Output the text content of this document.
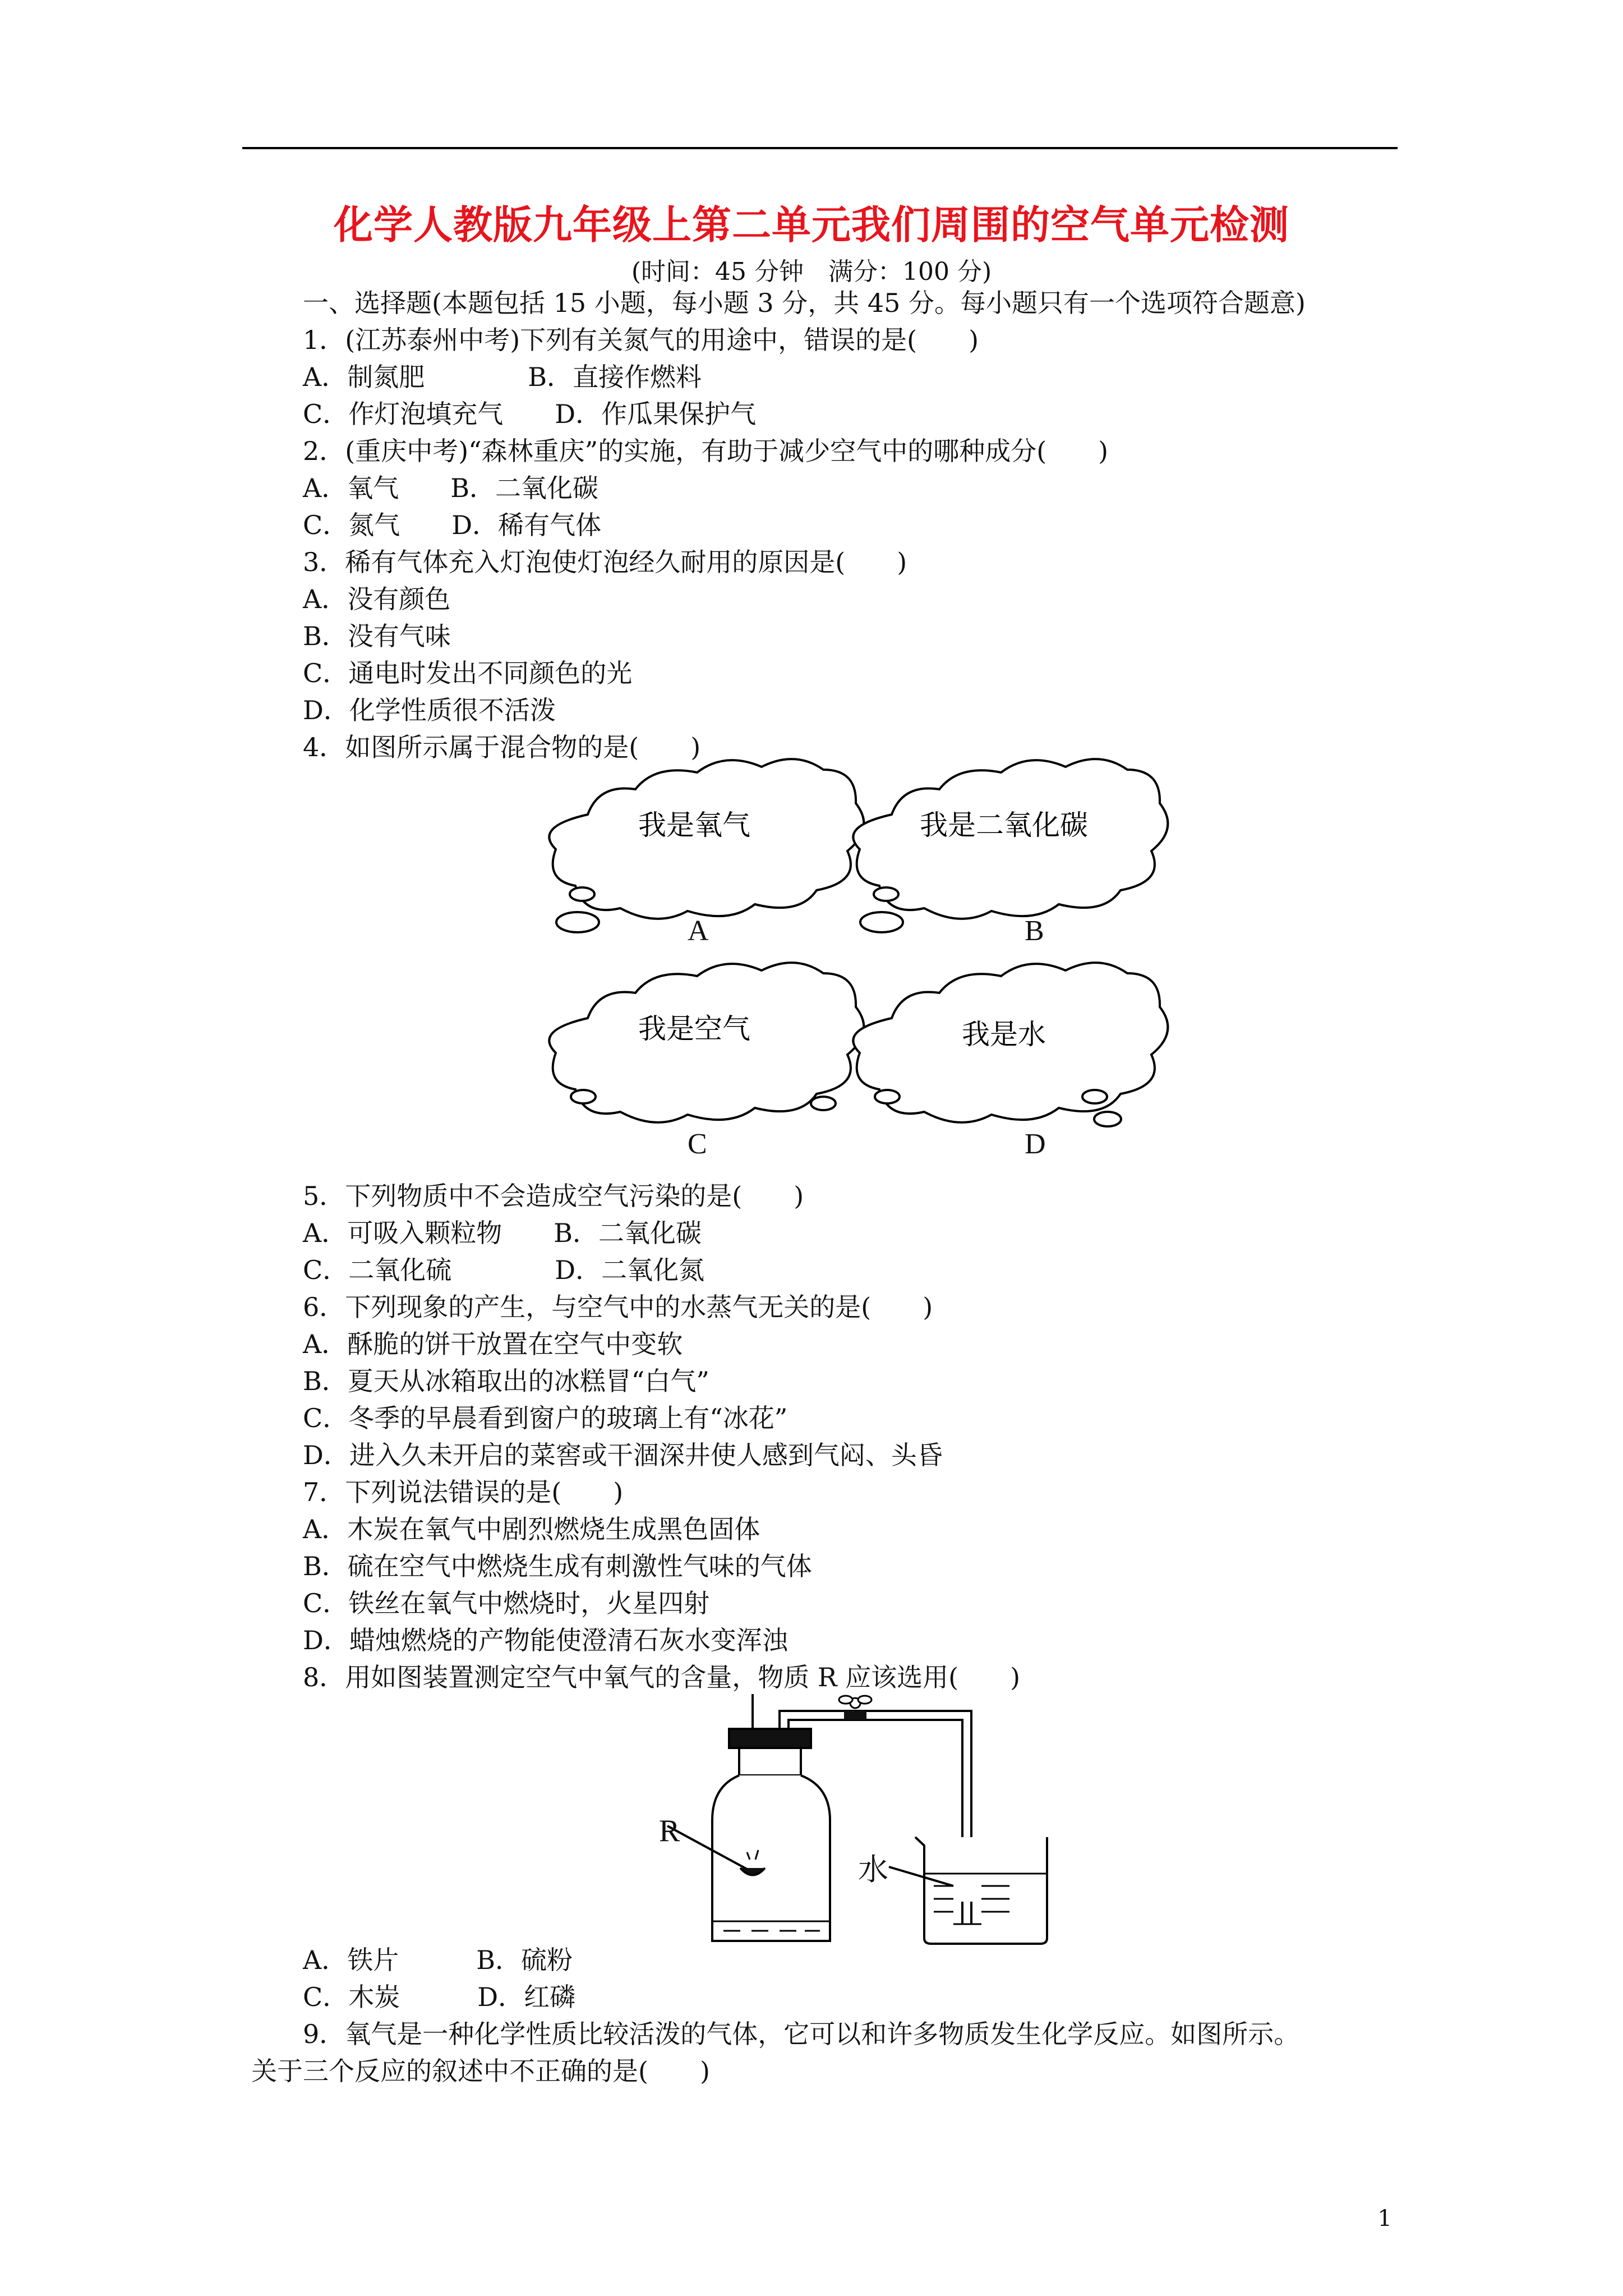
化学人教版九年级上第二单元我们周围的空气单元检测
(时间：45 分钟　满分：100 分)
一、选择题(本题包括 15 小题，每小题 3 分，共 45 分。每小题只有一个选项符合题意)
1．(江苏泰州中考)下列有关氮气的用途中，错误的是(　　)
A．制氮肥　　　　B．直接作燃料
C．作灯泡填充气　　D．作瓜果保护气
2．(重庆中考)“森林重庆”的实施，有助于减少空气中的哪种成分(　　)
A．氧气　　B．二氧化碳
C．氮气　　D．稀有气体
3．稀有气体充入灯泡使灯泡经久耐用的原因是(　　)
A．没有颜色
B．没有气味
C．通电时发出不同颜色的光
D．化学性质很不活泼
4．如图所示属于混合物的是(　　)
我是氧气	我是二氧化碳
我是空气	我是水
A	B
C	D
5．下列物质中不会造成空气污染的是(　　)
A．可吸入颗粒物　　B．二氧化碳
C．二氧化硫　　　　D．二氧化氮
6．下列现象的产生，与空气中的水蒸气无关的是(　　)
A．酥脆的饼干放置在空气中变软
B．夏天从冰箱取出的冰糕冒“白气”
C．冬季的早晨看到窗户的玻璃上有“冰花”
D．进入久未开启的菜窖或干涸深井使人感到气闷、头昏
7．下列说法错误的是(　　)
A．木炭在氧气中剧烈燃烧生成黑色固体
B．硫在空气中燃烧生成有刺激性气味的气体
C．铁丝在氧气中燃烧时，火星四射
D．蜡烛燃烧的产物能使澄清石灰水变浑浊
8．用如图装置测定空气中氧气的含量，物质 R 应该选用(　　)
R
水
A．铁片　　　B．硫粉
C．木炭　　　D．红磷
9．氧气是一种化学性质比较活泼的气体，它可以和许多物质发生化学反应。如图所示。
关于三个反应的叙述中不正确的是(　　)
1
